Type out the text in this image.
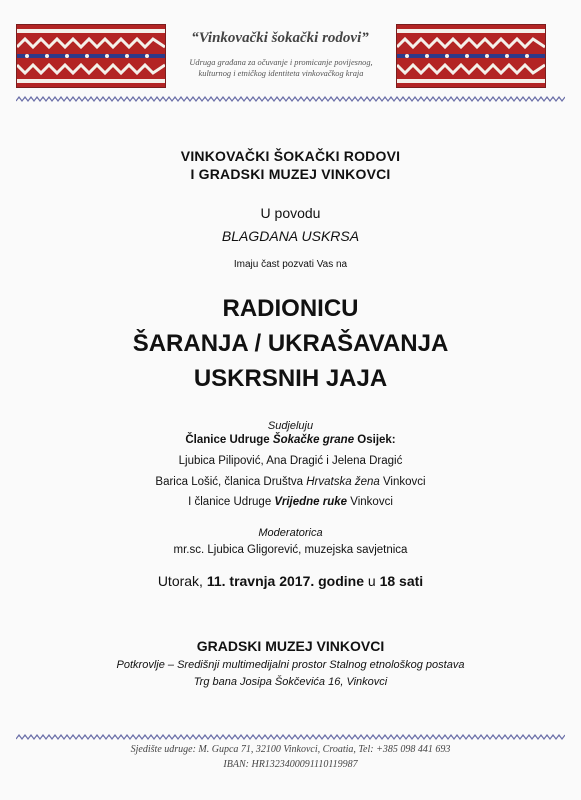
“Vinkovački šokački rodovi”
Udruga građana za očuvanje i promicanje povijesnog,
kulturnog i etničkog identiteta vinkovačkog kraja
VINKOVAČKI ŠOKAČKI RODOVI
I GRADSKI MUZEJ VINKOVCI
U povodu
BLAGDANA USKRSA
Imaju čast pozvati Vas na
RADIONICU
ŠARANJA / UKRAŠAVANJA
USKRSNIH JAJA
Sudjeluju
Članice Udruge Šokačke grane Osijek:
Ljubica Pilipović, Ana Dragić i Jelena Dragić
Barica Lošić, članica Društva Hrvatska žena Vinkovci
I članice Udruge Vrijedne ruke Vinkovci
Moderatorica
mr.sc. Ljubica Gligorević, muzejska savjetnica
Utorak, 11. travnja 2017. godine u 18 sati
GRADSKI MUZEJ VINKOVCI
Potkrovlje – Središnji multimedijalni prostor Stalnog etnološkog postava
Trg bana Josipa Šokčevića 16, Vinkovci
Sjedište udruge: M. Gupca 71, 32100 Vinkovci, Croatia, Tel: +385 098 441 693
IBAN: HR1323400091110119987
